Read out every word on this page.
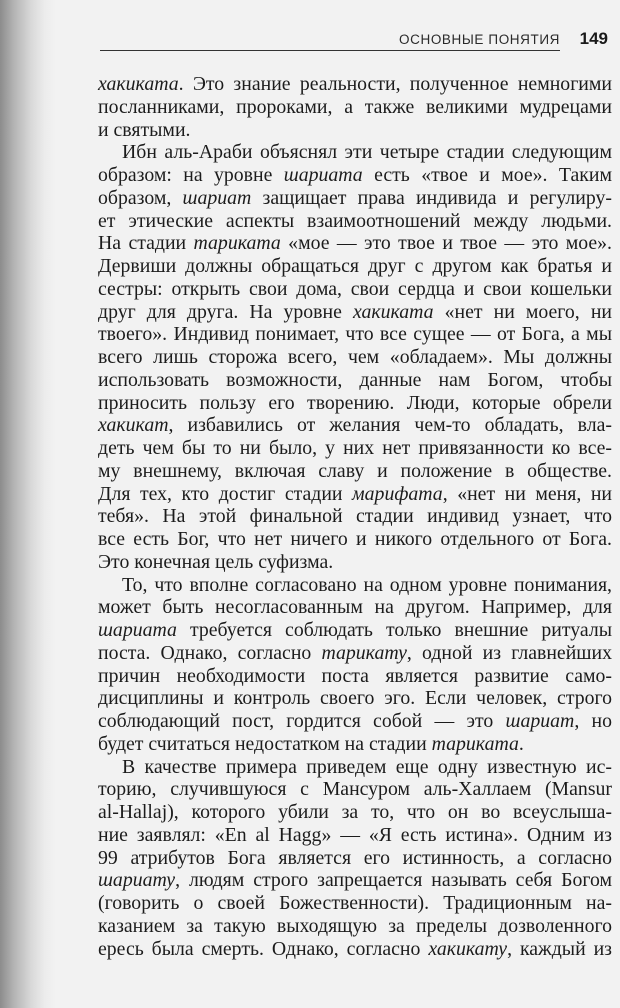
ОСНОВНЫЕ ПОНЯТИЯ 149
хакиката. Это знание реальности, полученное немногими
посланниками, пророками, а также великими мудрецами
и святыми.
Ибн аль-Араби объяснял эти четыре стадии следующим
образом: на уровне шариата есть «твое и мое». Таким
образом, шариат защищает права индивида и регулиру-
ет этические аспекты взаимоотношений между людьми.
На стадии тариката «мое — это твое и твое — это мое».
Дервиши должны обращаться друг с другом как братья и
сестры: открыть свои дома, свои сердца и свои кошельки
друг для друга. На уровне хакиката «нет ни моего, ни
твоего». Индивид понимает, что все сущее — от Бога, а мы
всего лишь сторожа всего, чем «обладаем». Мы должны
использовать возможности, данные нам Богом, чтобы
приносить пользу его творению. Люди, которые обрели
хакикат, избавились от желания чем-то обладать, вла-
деть чем бы то ни было, у них нет привязанности ко все-
му внешнему, включая славу и положение в обществе.
Для тех, кто достиг стадии марифата, «нет ни меня, ни
тебя». На этой финальной стадии индивид узнает, что
все есть Бог, что нет ничего и никого отдельного от Бога.
Это конечная цель суфизма.
То, что вполне согласовано на одном уровне понимания,
может быть несогласованным на другом. Например, для
шариата требуется соблюдать только внешние ритуалы
поста. Однако, согласно тарикату, одной из главнейших
причин необходимости поста является развитие само-
дисциплины и контроль своего эго. Если человек, строго
соблюдающий пост, гордится собой — это шариат, но
будет считаться недостатком на стадии тариката.
В качестве примера приведем еще одну известную ис-
торию, случившуюся с Мансуром аль-Халлаем (Mansur
al-Hallaj), которого убили за то, что он во всеуслыша-
ние заявлял: «En al Hagg» — «Я есть истина». Одним из
99 атрибутов Бога является его истинность, а согласно
шариату, людям строго запрещается называть себя Богом
(говорить о своей Божественности). Традиционным на-
казанием за такую выходящую за пределы дозволенного
ересь была смерть. Однако, согласно хакикату, каждый из
